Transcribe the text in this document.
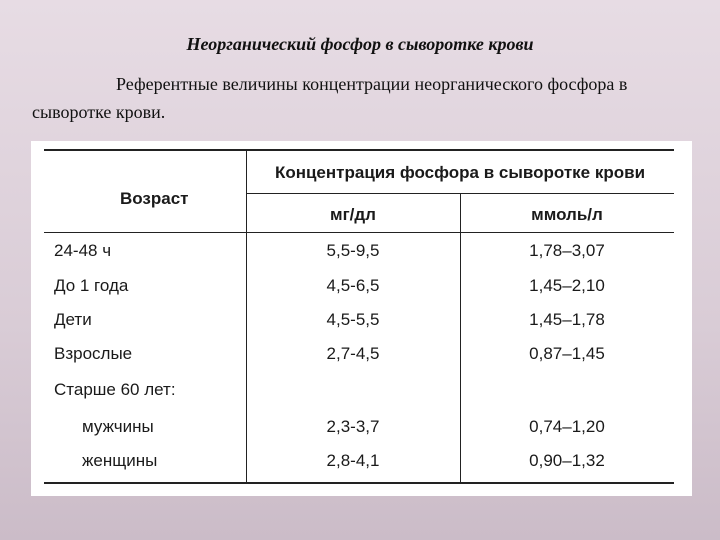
Неорганический фосфор в сыворотке крови
Референтные величины концентрации неорганического фосфора в сыворотке крови.
Возраст
Концентрация фосфора в сыворотке крови
мг/дл	ммоль/л
24-48 ч	5,5-9,5	1,78–3,07
До 1 года	4,5-6,5	1,45–2,10
Дети	4,5-5,5	1,45–1,78
Взрослые	2,7-4,5	0,87–1,45
Старше 60 лет:
мужчины	2,3-3,7	0,74–1,20
женщины	2,8-4,1	0,90–1,32
